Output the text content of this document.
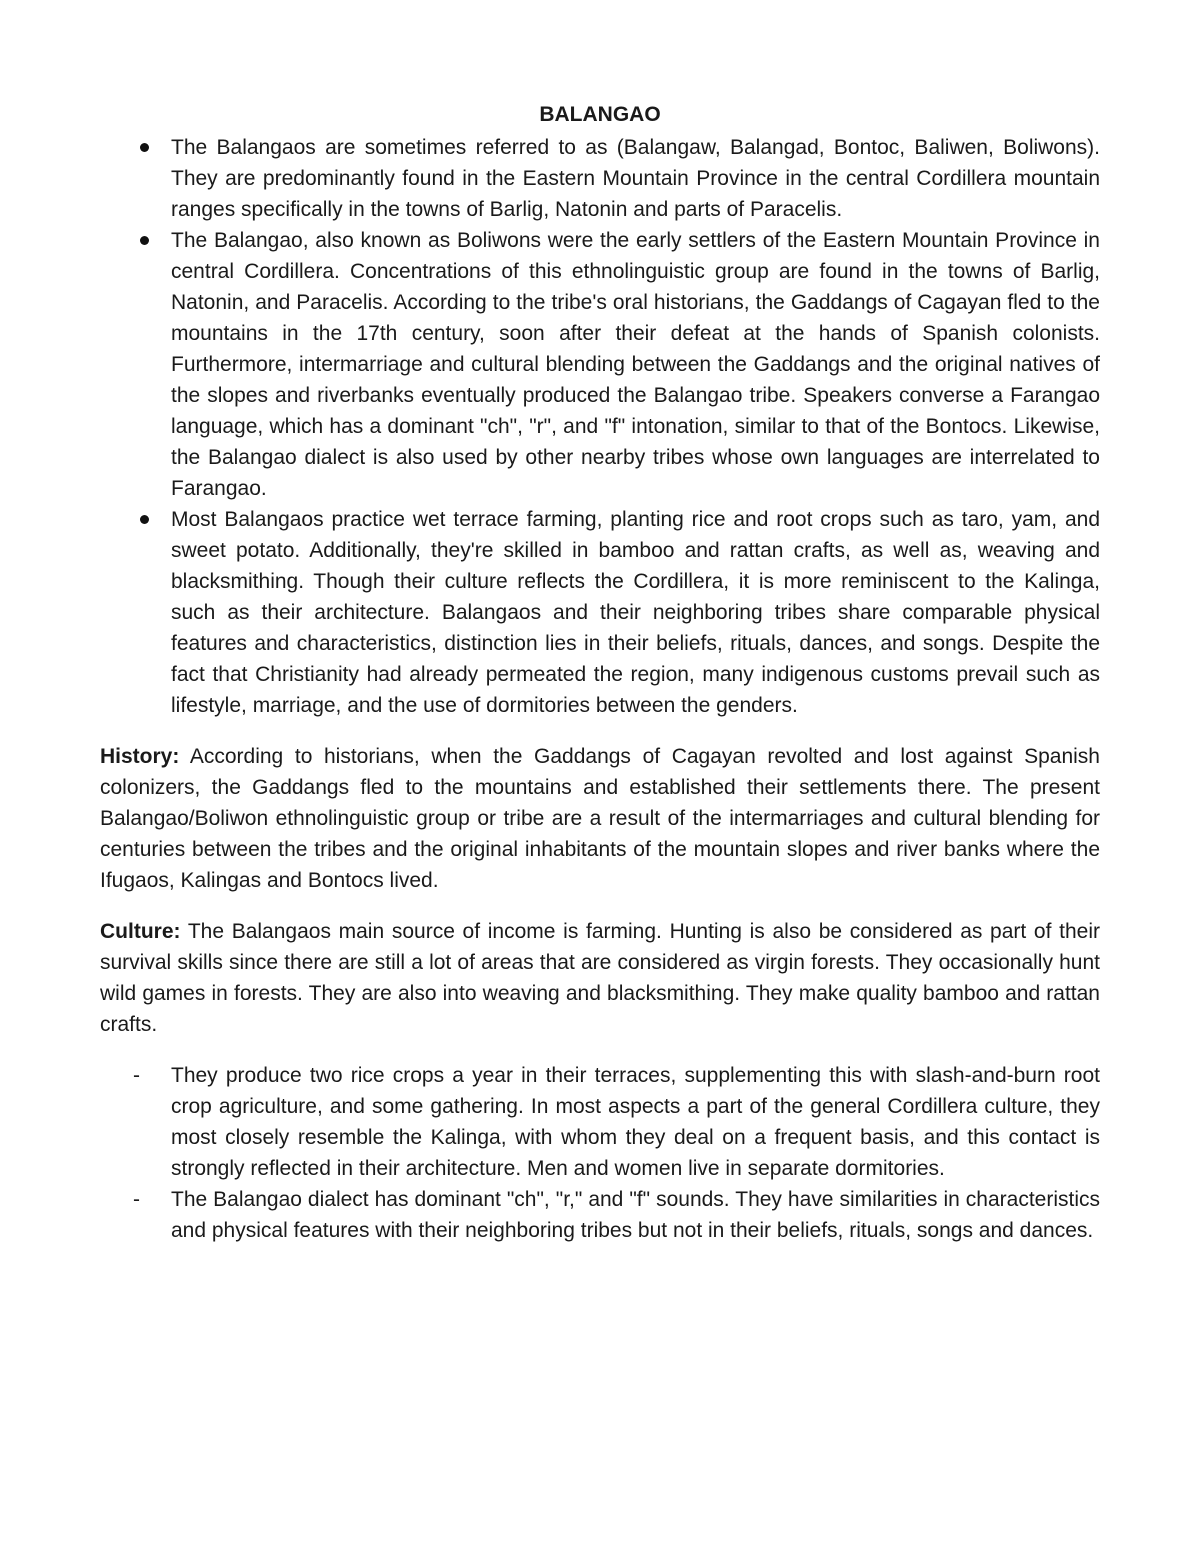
BALANGAO
The Balangaos are sometimes referred to as (Balangaw, Balangad, Bontoc, Baliwen, Boliwons). They are predominantly found in the Eastern Mountain Province in the central Cordillera mountain ranges specifically in the towns of Barlig, Natonin and parts of Paracelis.
The Balangao, also known as Boliwons were the early settlers of the Eastern Mountain Province in central Cordillera. Concentrations of this ethnolinguistic group are found in the towns of Barlig, Natonin, and Paracelis. According to the tribe's oral historians, the Gaddangs of Cagayan fled to the mountains in the 17th century, soon after their defeat at the hands of Spanish colonists. Furthermore, intermarriage and cultural blending between the Gaddangs and the original natives of the slopes and riverbanks eventually produced the Balangao tribe. Speakers converse a Farangao language, which has a dominant "ch", "r", and "f" intonation, similar to that of the Bontocs. Likewise, the Balangao dialect is also used by other nearby tribes whose own languages are interrelated to Farangao.
Most Balangaos practice wet terrace farming, planting rice and root crops such as taro, yam, and sweet potato. Additionally, they're skilled in bamboo and rattan crafts, as well as, weaving and blacksmithing. Though their culture reflects the Cordillera, it is more reminiscent to the Kalinga, such as their architecture. Balangaos and their neighboring tribes share comparable physical features and characteristics, distinction lies in their beliefs, rituals, dances, and songs. Despite the fact that Christianity had already permeated the region, many indigenous customs prevail such as lifestyle, marriage, and the use of dormitories between the genders.

History: According to historians, when the Gaddangs of Cagayan revolted and lost against Spanish colonizers, the Gaddangs fled to the mountains and established their settlements there. The present Balangao/Boliwon ethnolinguistic group or tribe are a result of the intermarriages and cultural blending for centuries between the tribes and the original inhabitants of the mountain slopes and river banks where the Ifugaos, Kalingas and Bontocs lived.

Culture: The Balangaos main source of income is farming. Hunting is also be considered as part of their survival skills since there are still a lot of areas that are considered as virgin forests. They occasionally hunt wild games in forests. They are also into weaving and blacksmithing. They make quality bamboo and rattan crafts.

- They produce two rice crops a year in their terraces, supplementing this with slash-and-burn root crop agriculture, and some gathering. In most aspects a part of the general Cordillera culture, they most closely resemble the Kalinga, with whom they deal on a frequent basis, and this contact is strongly reflected in their architecture. Men and women live in separate dormitories.
- The Balangao dialect has dominant "ch", "r," and "f" sounds. They have similarities in characteristics and physical features with their neighboring tribes but not in their beliefs, rituals, songs and dances.
